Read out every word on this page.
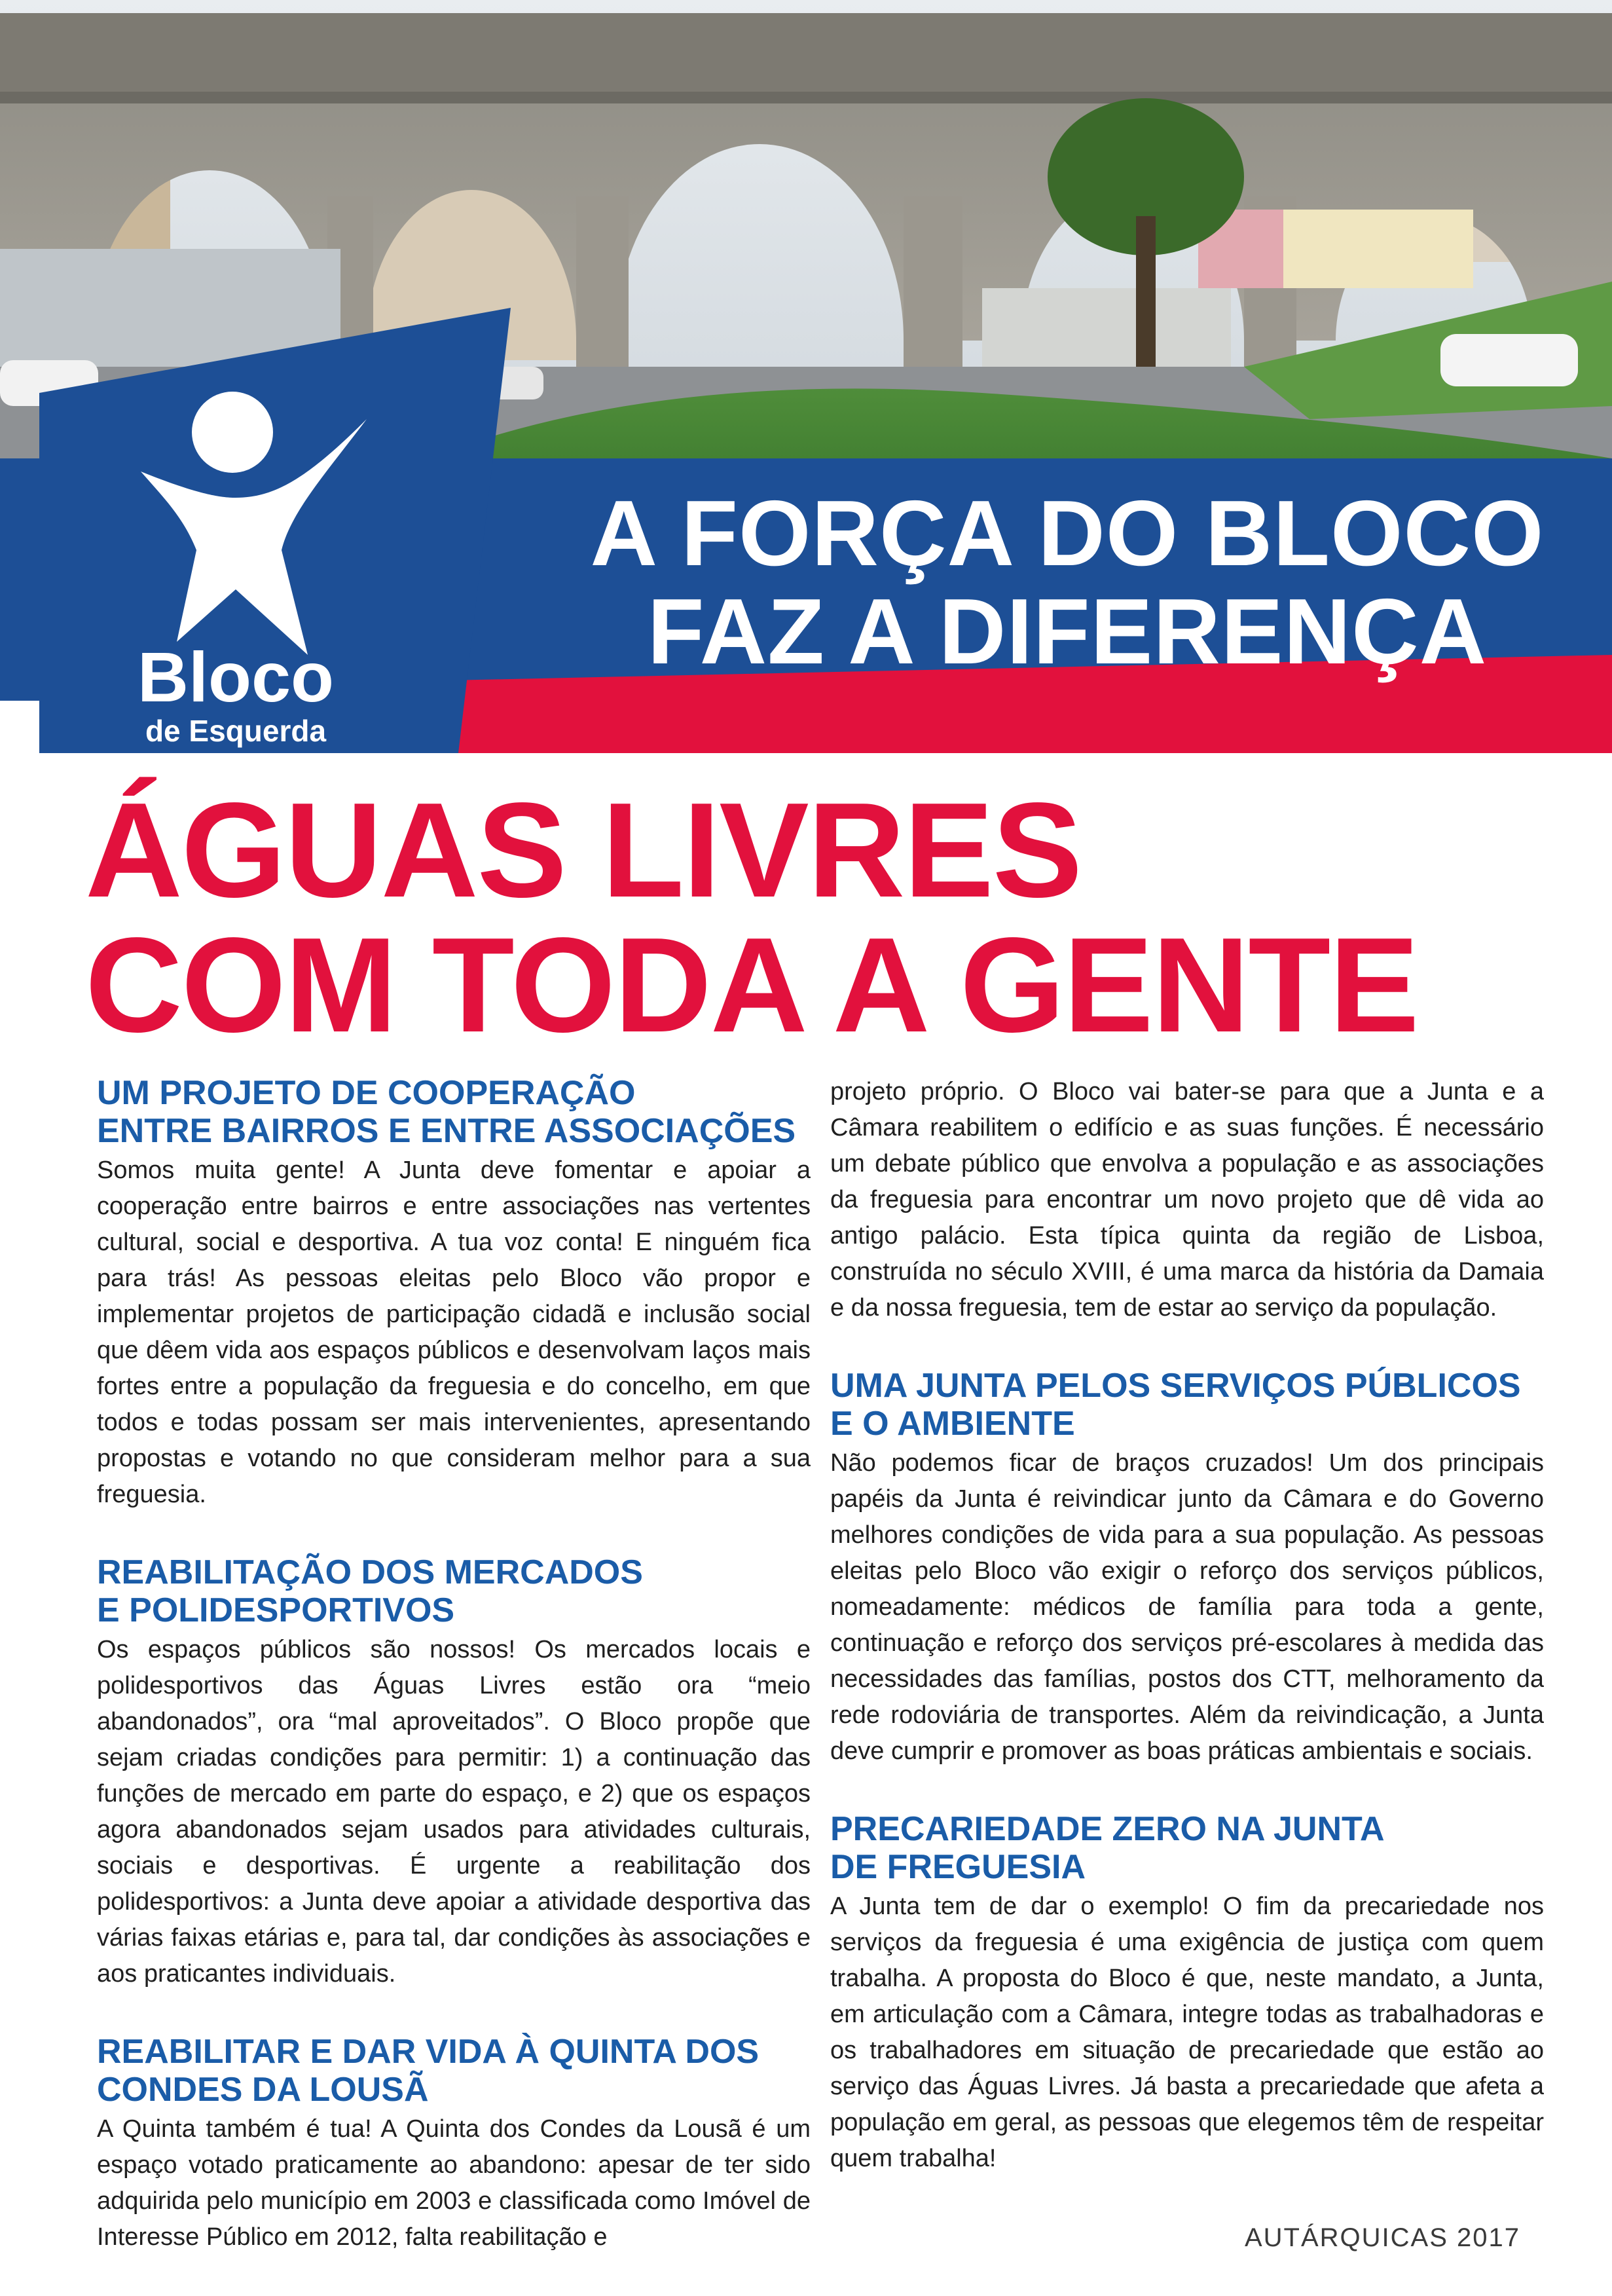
A FORÇA DO BLOCO
FAZ A DIFERENÇA
Bloco
de Esquerda
ÁGUAS LIVRES
COM TODA A GENTE
UM PROJETO DE COOPERAÇÃO
ENTRE BAIRROS E ENTRE ASSOCIAÇÕES

Somos muita gente! A Junta deve fomentar e apoiar a cooperação entre bairros e entre associações nas vertentes cultural, social e desportiva. A tua voz conta! E ninguém fica para trás! As pessoas eleitas pelo Bloco vão propor e implementar projetos de participação cidadã e inclusão social que dêem vida aos espaços públicos e desenvolvam laços mais fortes entre a população da freguesia e do concelho, em que todos e todas possam ser mais intervenientes, apresentando propostas e votando no que consideram melhor para a sua freguesia.

REABILITAÇÃO DOS MERCADOS
E POLIDESPORTIVOS

Os espaços públicos são nossos! Os mercados locais e polidesportivos das Águas Livres estão ora “meio abandonados”, ora “mal aproveitados”. O Bloco propõe que sejam criadas condições para permitir: 1) a continuação das funções de mercado em parte do espaço, e 2) que os espaços agora abandonados sejam usados para atividades culturais, sociais e desportivas. É urgente a reabilitação dos polidesportivos: a Junta deve apoiar a atividade desportiva das várias faixas etárias e, para tal, dar condições às associações e aos praticantes individuais.

REABILITAR E DAR VIDA À QUINTA DOS
CONDES DA LOUSÃ

A Quinta também é tua! A Quinta dos Condes da Lousã é um espaço votado praticamente ao abandono: apesar de ter sido adquirida pelo município em 2003 e classificada como Imóvel de Interesse Público em 2012, falta reabilitação e

projeto próprio. O Bloco vai bater-se para que a Junta e a Câmara reabilitem o edifício e as suas funções. É necessário um debate público que envolva a população e as associações da freguesia para encontrar um novo projeto que dê vida ao antigo palácio. Esta típica quinta da região de Lisboa, construída no século XVIII, é uma marca da história da Damaia e da nossa freguesia, tem de estar ao serviço da população.

UMA JUNTA PELOS SERVIÇOS PÚBLICOS
E O AMBIENTE

Não podemos ficar de braços cruzados! Um dos principais papéis da Junta é reivindicar junto da Câmara e do Governo melhores condições de vida para a sua população. As pessoas eleitas pelo Bloco vão exigir o reforço dos serviços públicos, nomeadamente: médicos de família para toda a gente, continuação e reforço dos serviços pré-escolares à medida das necessidades das famílias, postos dos CTT, melhoramento da rede rodoviária de transportes. Além da reivindicação, a Junta deve cumprir e promover as boas práticas ambientais e sociais.

PRECARIEDADE ZERO NA JUNTA
DE FREGUESIA

A Junta tem de dar o exemplo! O fim da precariedade nos serviços da freguesia é uma exigência de justiça com quem trabalha. A proposta do Bloco é que, neste mandato, a Junta, em articulação com a Câmara, integre todas as trabalhadoras e os trabalhadores em situação de precariedade que estão ao serviço das Águas Livres. Já basta a precariedade que afeta a população em geral, as pessoas que elegemos têm de respeitar quem trabalha!

AUTÁRQUICAS 2017
